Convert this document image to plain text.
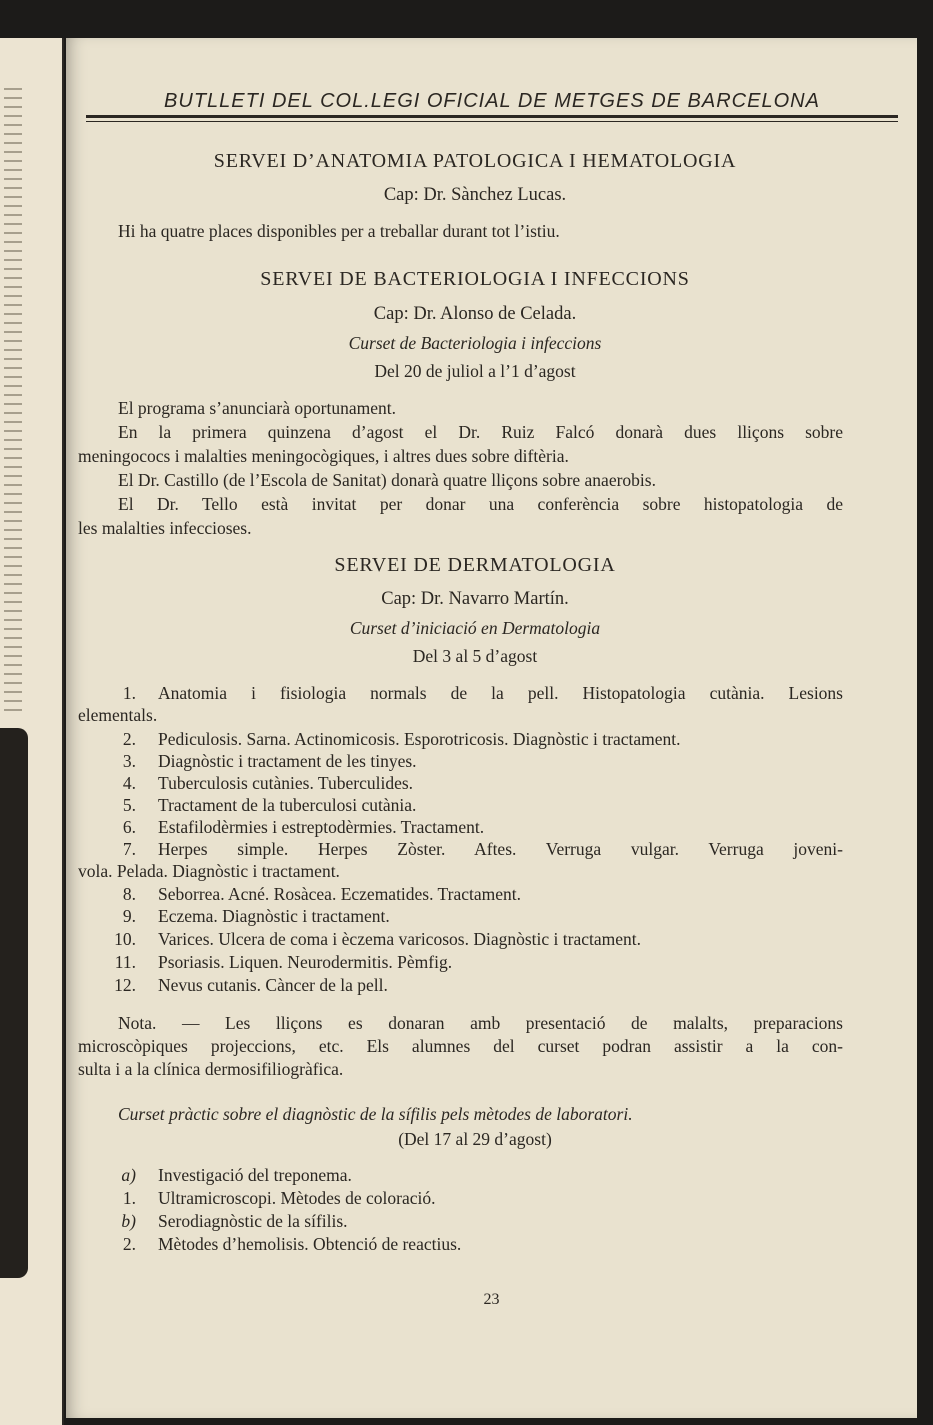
BUTLLETI DEL COL.LEGI OFICIAL DE METGES DE BARCELONA
SERVEI D’ANATOMIA PATOLOGICA I HEMATOLOGIA
Cap: Dr. Sànchez Lucas.
Hi ha quatre places disponibles per a treballar durant tot l’istiu.
SERVEI DE BACTERIOLOGIA I INFECCIONS
Cap: Dr. Alonso de Celada.
Curset de Bacteriologia i infeccions
Del 20 de juliol a l’1 d’agost
El programa s’anunciarà oportunament.
En la primera quinzena d’agost el Dr. Ruiz Falcó donarà dues lliçons sobre
meningococs i malalties meningocògiques, i altres dues sobre diftèria.
El Dr. Castillo (de l’Escola de Sanitat) donarà quatre lliçons sobre anaerobis.
El Dr. Tello està invitat per donar una conferència sobre histopatologia de
les malalties infeccioses.
SERVEI DE DERMATOLOGIA
Cap: Dr. Navarro Martín.
Curset d’iniciació en Dermatologia
Del 3 al 5 d’agost
1. Anatomia i fisiologia normals de la pell. Histopatologia cutània. Lesions
elementals.
2. Pediculosis. Sarna. Actinomicosis. Esporotricosis. Diagnòstic i tractament.
3. Diagnòstic i tractament de les tinyes.
4. Tuberculosis cutànies. Tuberculides.
5. Tractament de la tuberculosi cutània.
6. Estafilodèrmies i estreptodèrmies. Tractament.
7. Herpes simple. Herpes Zòster. Aftes. Verruga vulgar. Verruga joveni-
vola. Pelada. Diagnòstic i tractament.
8. Seborrea. Acné. Rosàcea. Eczematides. Tractament.
9. Eczema. Diagnòstic i tractament.
10. Varices. Ulcera de coma i èczema varicosos. Diagnòstic i tractament.
11. Psoriasis. Liquen. Neurodermitis. Pèmfig.
12. Nevus cutanis. Càncer de la pell.
Nota. — Les lliçons es donaran amb presentació de malalts, preparacions
microscòpiques projeccions, etc. Els alumnes del curset podran assistir a la con-
sulta i a la clínica dermosifiliogràfica.
Curset pràctic sobre el diagnòstic de la sífilis pels mètodes de laboratori.
(Del 17 al 29 d’agost)
a) Investigació del treponema.
1. Ultramicroscopi. Mètodes de coloració.
b) Serodiagnòstic de la sífilis.
2. Mètodes d’hemolisis. Obtenció de reactius.
23
